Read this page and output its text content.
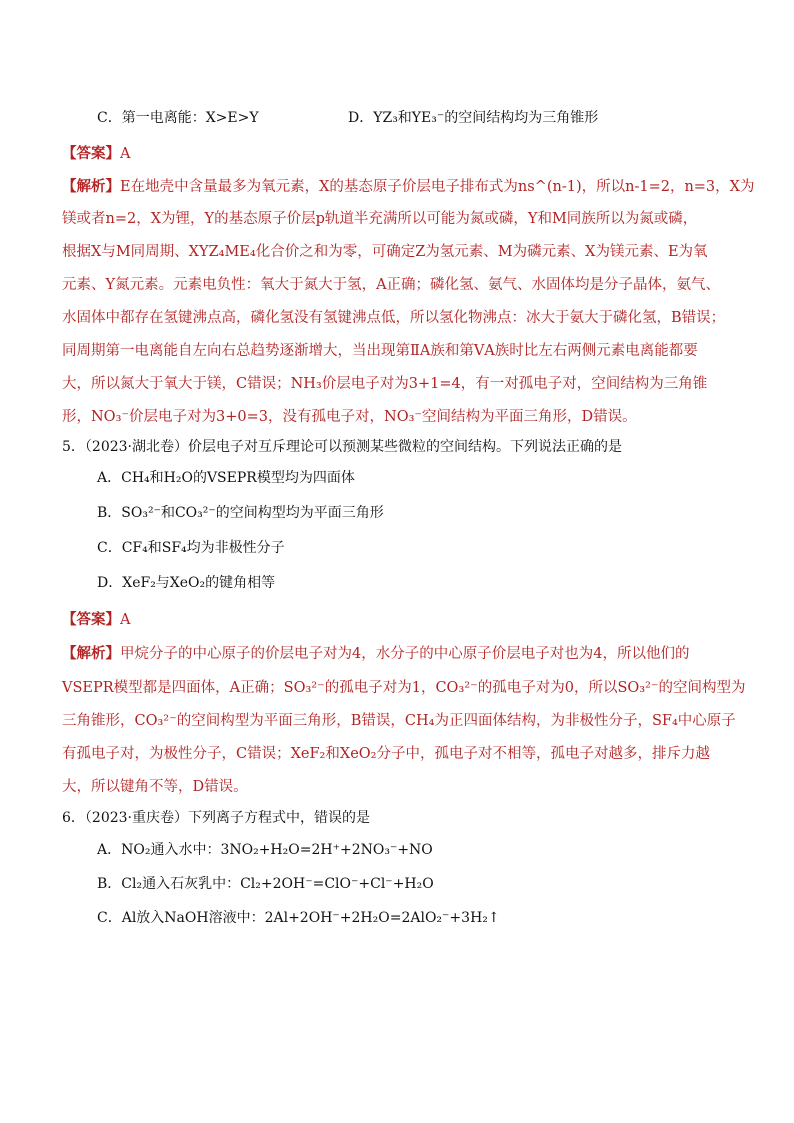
C．第一电离能：X>E>Y	D．YZ₃和YE₃⁻的空间结构均为三角锥形
【答案】A
【解析】E在地壳中含量最多为氧元素，X的基态原子价层电子排布式为ns^(n-1)，所以n-1=2，n=3，X为
镁或者n=2，X为锂，Y的基态原子价层p轨道半充满所以可能为氮或磷，Y和M同族所以为氮或磷，
根据X与M同周期、XYZ₄ME₄化合价之和为零，可确定Z为氢元素、M为磷元素、X为镁元素、E为氧
元素、Y氮元素。元素电负性：氧大于氮大于氢，A正确；磷化氢、氨气、水固体均是分子晶体，氨气、
水固体中都存在氢键沸点高，磷化氢没有氢键沸点低，所以氢化物沸点：冰大于氨大于磷化氢，B错误；
同周期第一电离能自左向右总趋势逐渐增大，当出现第ⅡA族和第ⅤA族时比左右两侧元素电离能都要
大，所以氮大于氧大于镁，C错误；NH₃价层电子对为3+1=4，有一对孤电子对，空间结构为三角锥
形，NO₃⁻价层电子对为3+0=3，没有孤电子对，NO₃⁻空间结构为平面三角形，D错误。
5．（2023·湖北卷）价层电子对互斥理论可以预测某些微粒的空间结构。下列说法正确的是
A．CH₄和H₂O的VSEPR模型均为四面体
B．SO₃²⁻和CO₃²⁻的空间构型均为平面三角形
C．CF₄和SF₄均为非极性分子
D．XeF₂与XeO₂的键角相等
【答案】A
【解析】甲烷分子的中心原子的价层电子对为4，水分子的中心原子价层电子对也为4，所以他们的
VSEPR模型都是四面体，A正确；SO₃²⁻的孤电子对为1，CO₃²⁻的孤电子对为0，所以SO₃²⁻的空间构型为
三角锥形，CO₃²⁻的空间构型为平面三角形，B错误，CH₄为正四面体结构，为非极性分子，SF₄中心原子
有孤电子对，为极性分子，C错误；XeF₂和XeO₂分子中，孤电子对不相等，孤电子对越多，排斥力越
大，所以键角不等，D错误。
6．（2023·重庆卷）下列离子方程式中，错误的是
A．NO₂通入水中：3NO₂+H₂O=2H⁺+2NO₃⁻+NO
B．Cl₂通入石灰乳中：Cl₂+2OH⁻=ClO⁻+Cl⁻+H₂O
C．Al放入NaOH溶液中：2Al+2OH⁻+2H₂O=2AlO₂⁻+3H₂↑
